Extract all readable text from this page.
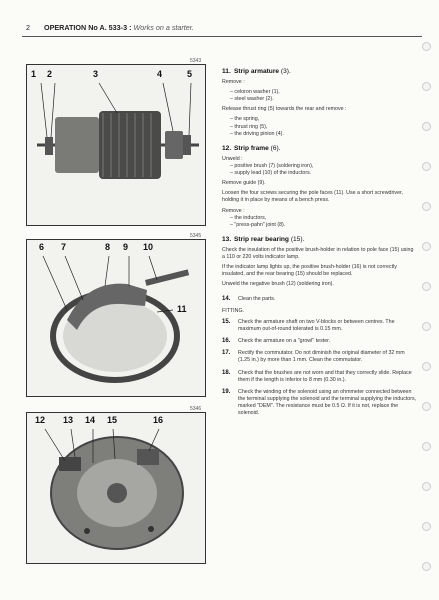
2 OPERATION No A. 533-3 : Works on a starter.
5343
1 2	3	4	5
5345
6 7	8 9 10
11
5346
12 13 14 15	16
11. Strip armature (3).

Remove :

– celoron washer (1),

– steel washer (2).

Release thrust ring (5) towards the rear and remove :

– the spring,

– thrust ring (5),

– the driving pinion (4).

12. Strip frame (6).

Unweld :

– positive brush (7) (soldering iron),

– supply lead (10) of the inductors.

Remove guide (9).

Loosen the four screws securing the pole faces (11). Use a short screwdriver, holding it in place by means of a bench press.

Remove :

– the inductors,

– "press-pahn" joint (8).

13. Strip rear bearing (15).

Check the insulation of the positive brush-holder in relation to pole face (15) using a 110 or 220 volts indicator lamp.

If the indicator lamp lights up, the positive brush-holder (16) is not correctly insulated, and the rear bearing (15) should be replaced.

Unweld the negative brush (12) (soldering iron).

14. Clean the parts.

FITTING.

15. Check the armature shaft on two V-blocks or between centres. The maximum out-of-round tolerated is 0.15 mm.

16. Check the armature on a "growl" tester.

17. Rectify the commutator. Do not diminish the original diameter of 32 mm (1.25 in.) by more than 1 mm. Clean the commutator.

18. Check that the brushes are not worn and that they correctly slide. Replace them if the length is inferior to 8 mm (0.30 in.).

19. Check the winding of the solenoid using an ohmmeter connected between the terminal supplying the solenoid and the terminal supplying the inductors, marked "DEM". The resistance must be 0.5 Ω. If it is not, replace the solenoid.
